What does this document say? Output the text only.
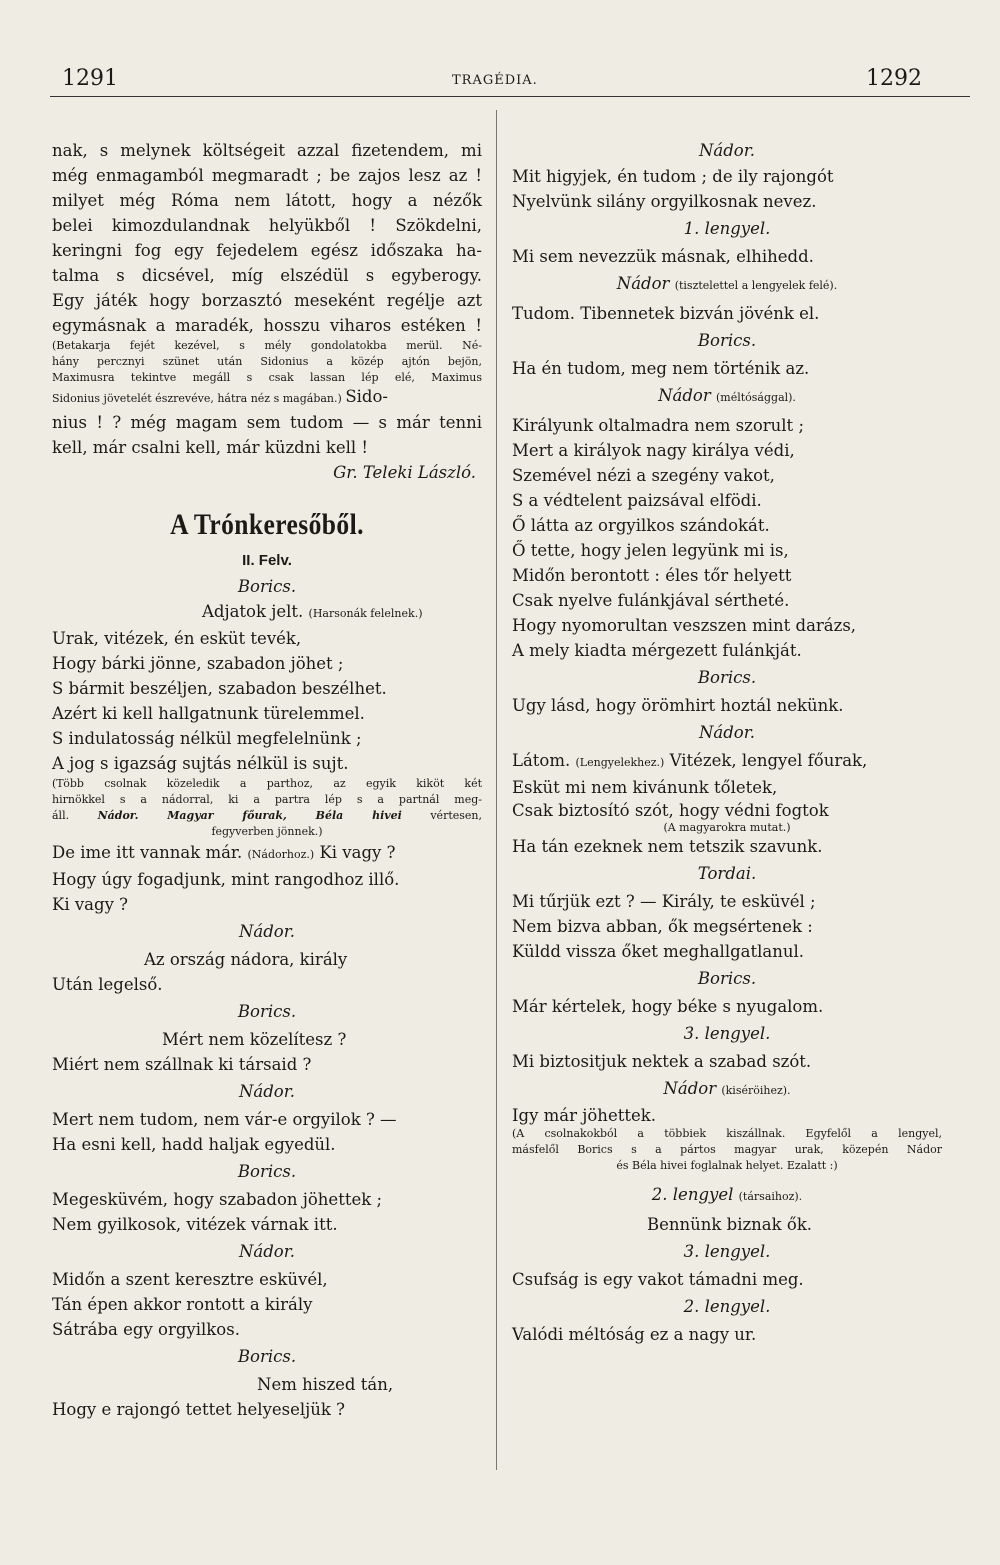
1291	TRAGÉDIA.	1292
nak, s melynek költségeit azzal fizetendem, mi
még enmagamból megmaradt ; be zajos lesz az !
milyet még Róma nem látott, hogy a nézők
belei kimozdulandnak helyükből ! Szökdelni,
keringni fog egy fejedelem egész időszaka ha-
talma s dicsével, míg elszédül s egyberogy.
Egy játék hogy borzasztó meseként regélje azt
egymásnak a maradék, hosszu viharos estéken !
(Betakarja fejét kezével, s mély gondolatokba merül. Né-
hány percznyi szünet után Sidonius a közép ajtón bejön,
Maximusra tekintve megáll s csak lassan lép elé, Maximus
Sidonius jövetelét észrevéve, hátra néz s magában.) Sido-
nius ! ? még magam sem tudom — s már tenni
kell, már csalni kell, már küzdni kell !
Gr. Teleki László.
A Trónkeresőből.
II. Felv.
Borics.
Adjatok jelt. (Harsonák felelnek.)
Urak, vitézek, én esküt tevék,
Hogy bárki jönne, szabadon jöhet ;
S bármit beszéljen, szabadon beszélhet.
Azért ki kell hallgatnunk türelemmel.
S indulatosság nélkül megfelelnünk ;
A jog s igazság sujtás nélkül is sujt.
(Több csolnak közeledik a parthoz, az egyik kiköt két
hirnökkel s a nádorral, ki a partra lép s a partnál meg-
áll.	Nádor. Magyar főurak, Béla hivei	vértesen,
fegyverben jönnek.)
De ime itt vannak már. (Nádorhoz.) Ki vagy ?
Hogy úgy fogadjunk, mint rangodhoz illő.
Ki vagy ?
Nádor.
Az ország nádora, király
Után legelső.
Borics.
Mért nem közelítesz ?
Miért nem szállnak ki társaid ?
Nádor.
Mert nem tudom, nem vár-e orgyilok ? —
Ha esni kell, hadd haljak egyedül.
Borics.
Megesküvém, hogy szabadon jöhettek ;
Nem gyilkosok, vitézek várnak itt.
Nádor.
Midőn a szent keresztre esküvél,
Tán épen akkor rontott a király
Sátrába egy orgyilkos.
Borics.
Nem hiszed tán,
Hogy e rajongó tettet helyeseljük ?
Nádor.
Mit higyjek, én tudom ; de ily rajongót
Nyelvünk silány orgyilkosnak nevez.
1. lengyel.
Mi sem nevezzük másnak, elhihedd.
Nádor (tisztelettel a lengyelek felé).
Tudom. Tibennetek bizván jövénk el.
Borics.
Ha én tudom, meg nem történik az.
Nádor (méltósággal).
Királyunk oltalmadra nem szorult ;
Mert a királyok nagy királya védi,
Szemével nézi a szegény vakot,
S a védtelent paizsával elfödi.
Ő látta az orgyilkos szándokát.
Ő tette, hogy jelen legyünk mi is,
Midőn berontott : éles tőr helyett
Csak nyelve fulánkjával sértheté.
Hogy nyomorultan veszszen mint darázs,
A mely kiadta mérgezett fulánkját.
Borics.
Ugy lásd, hogy örömhirt hoztál nekünk.
Nádor.
Látom. (Lengyelekhez.) Vitézek, lengyel főurak,
Esküt mi nem kivánunk tőletek,
Csak biztosító szót, hogy védni fogtok
(A magyarokra mutat.)
Ha tán ezeknek nem tetszik szavunk.
Tordai.
Mi tűrjük ezt ? — Király, te esküvél ;
Nem bizva abban, ők megsértenek :
Küldd vissza őket meghallgatlanul.
Borics.
Már kértelek, hogy béke s nyugalom.
3. lengyel.
Mi biztositjuk nektek a szabad szót.
Nádor (kiséröihez).
Igy már jöhettek.
(A csolnakokból a többiek kiszállnak. Egyfelől a lengyel,
másfelől Borics s a pártos magyar urak, közepén Nádor
és Béla hivei foglalnak helyet. Ezalatt :)
2. lengyel (társaihoz).
Bennünk biznak ők.
3. lengyel.
Csufság is egy vakot támadni meg.
2. lengyel.
Valódi méltóság ez a nagy ur.
